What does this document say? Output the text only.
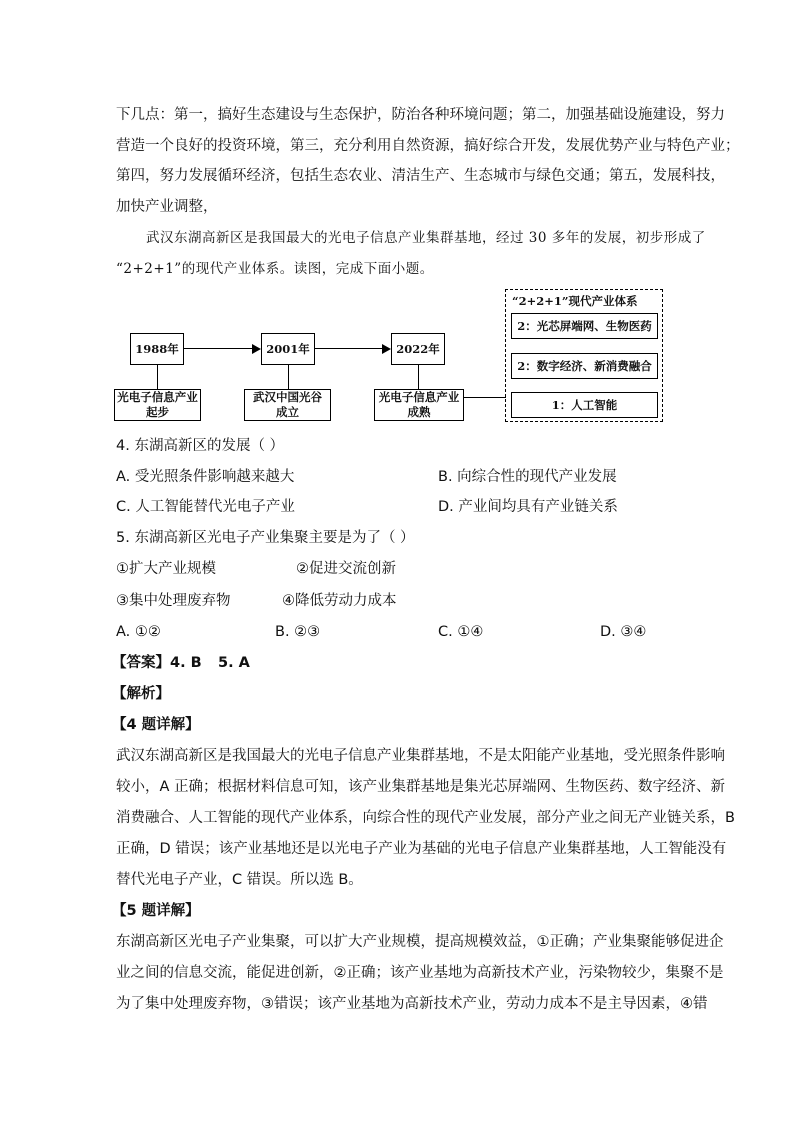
下几点：第一，搞好生态建设与生态保护，防治各种环境问题；第二，加强基础设施建设，努力
营造一个良好的投资环境，第三，充分利用自然资源，搞好综合开发，发展优势产业与特色产业；
第四，努力发展循环经济，包括生态农业、清洁生产、生态城市与绿色交通；第五，发展科技，
加快产业调整，
武汉东湖高新区是我国最大的光电子信息产业集群基地，经过 30 多年的发展，初步形成了
“2+2+1”的现代产业体系。读图，完成下面小题。
1988年	2001年	2022年
光电子信息产业
起步
武汉中国光谷
成立
光电子信息产业
成熟
“2+2+1”现代产业体系
2：光芯屏端网、生物医药
2：数字经济、新消费融合
1：人工智能
4. 东湖高新区的发展（ ）
A. 受光照条件影响越来越大	B. 向综合性的现代产业发展
C. 人工智能替代光电子产业	D. 产业间均具有产业链关系
5. 东湖高新区光电子产业集聚主要是为了（ ）
①扩大产业规模	②促进交流创新
③集中处理废弃物	④降低劳动力成本
A. ①②	B. ②③	C. ①④	D. ③④
【答案】4. B 5. A
【解析】
【4 题详解】
武汉东湖高新区是我国最大的光电子信息产业集群基地，不是太阳能产业基地，受光照条件影响
较小，A 正确；根据材料信息可知，该产业集群基地是集光芯屏端网、生物医药、数字经济、新
消费融合、人工智能的现代产业体系，向综合性的现代产业发展，部分产业之间无产业链关系，B
正确，D 错误；该产业基地还是以光电子产业为基础的光电子信息产业集群基地，人工智能没有
替代光电子产业，C 错误。所以选 B。
【5 题详解】
东湖高新区光电子产业集聚，可以扩大产业规模，提高规模效益，①正确；产业集聚能够促进企
业之间的信息交流，能促进创新，②正确；该产业基地为高新技术产业，污染物较少，集聚不是
为了集中处理废弃物，③错误；该产业基地为高新技术产业，劳动力成本不是主导因素，④错
